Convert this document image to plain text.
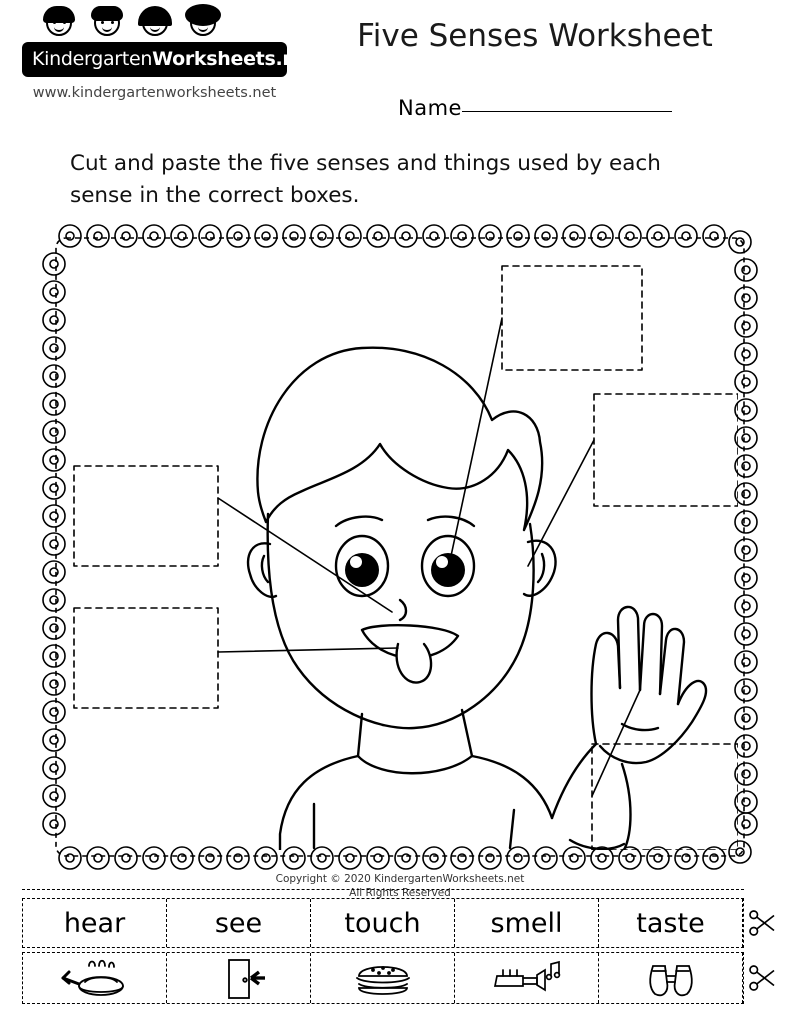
KindergartenWorksheets.net
www.kindergartenworksheets.net
Five Senses Worksheet
Name
Cut and paste the five senses and things used by each sense in the correct boxes.
Copyright © 2020 KindergartenWorksheets.net
All Rights Reserved
hear	see	touch	smell	taste
